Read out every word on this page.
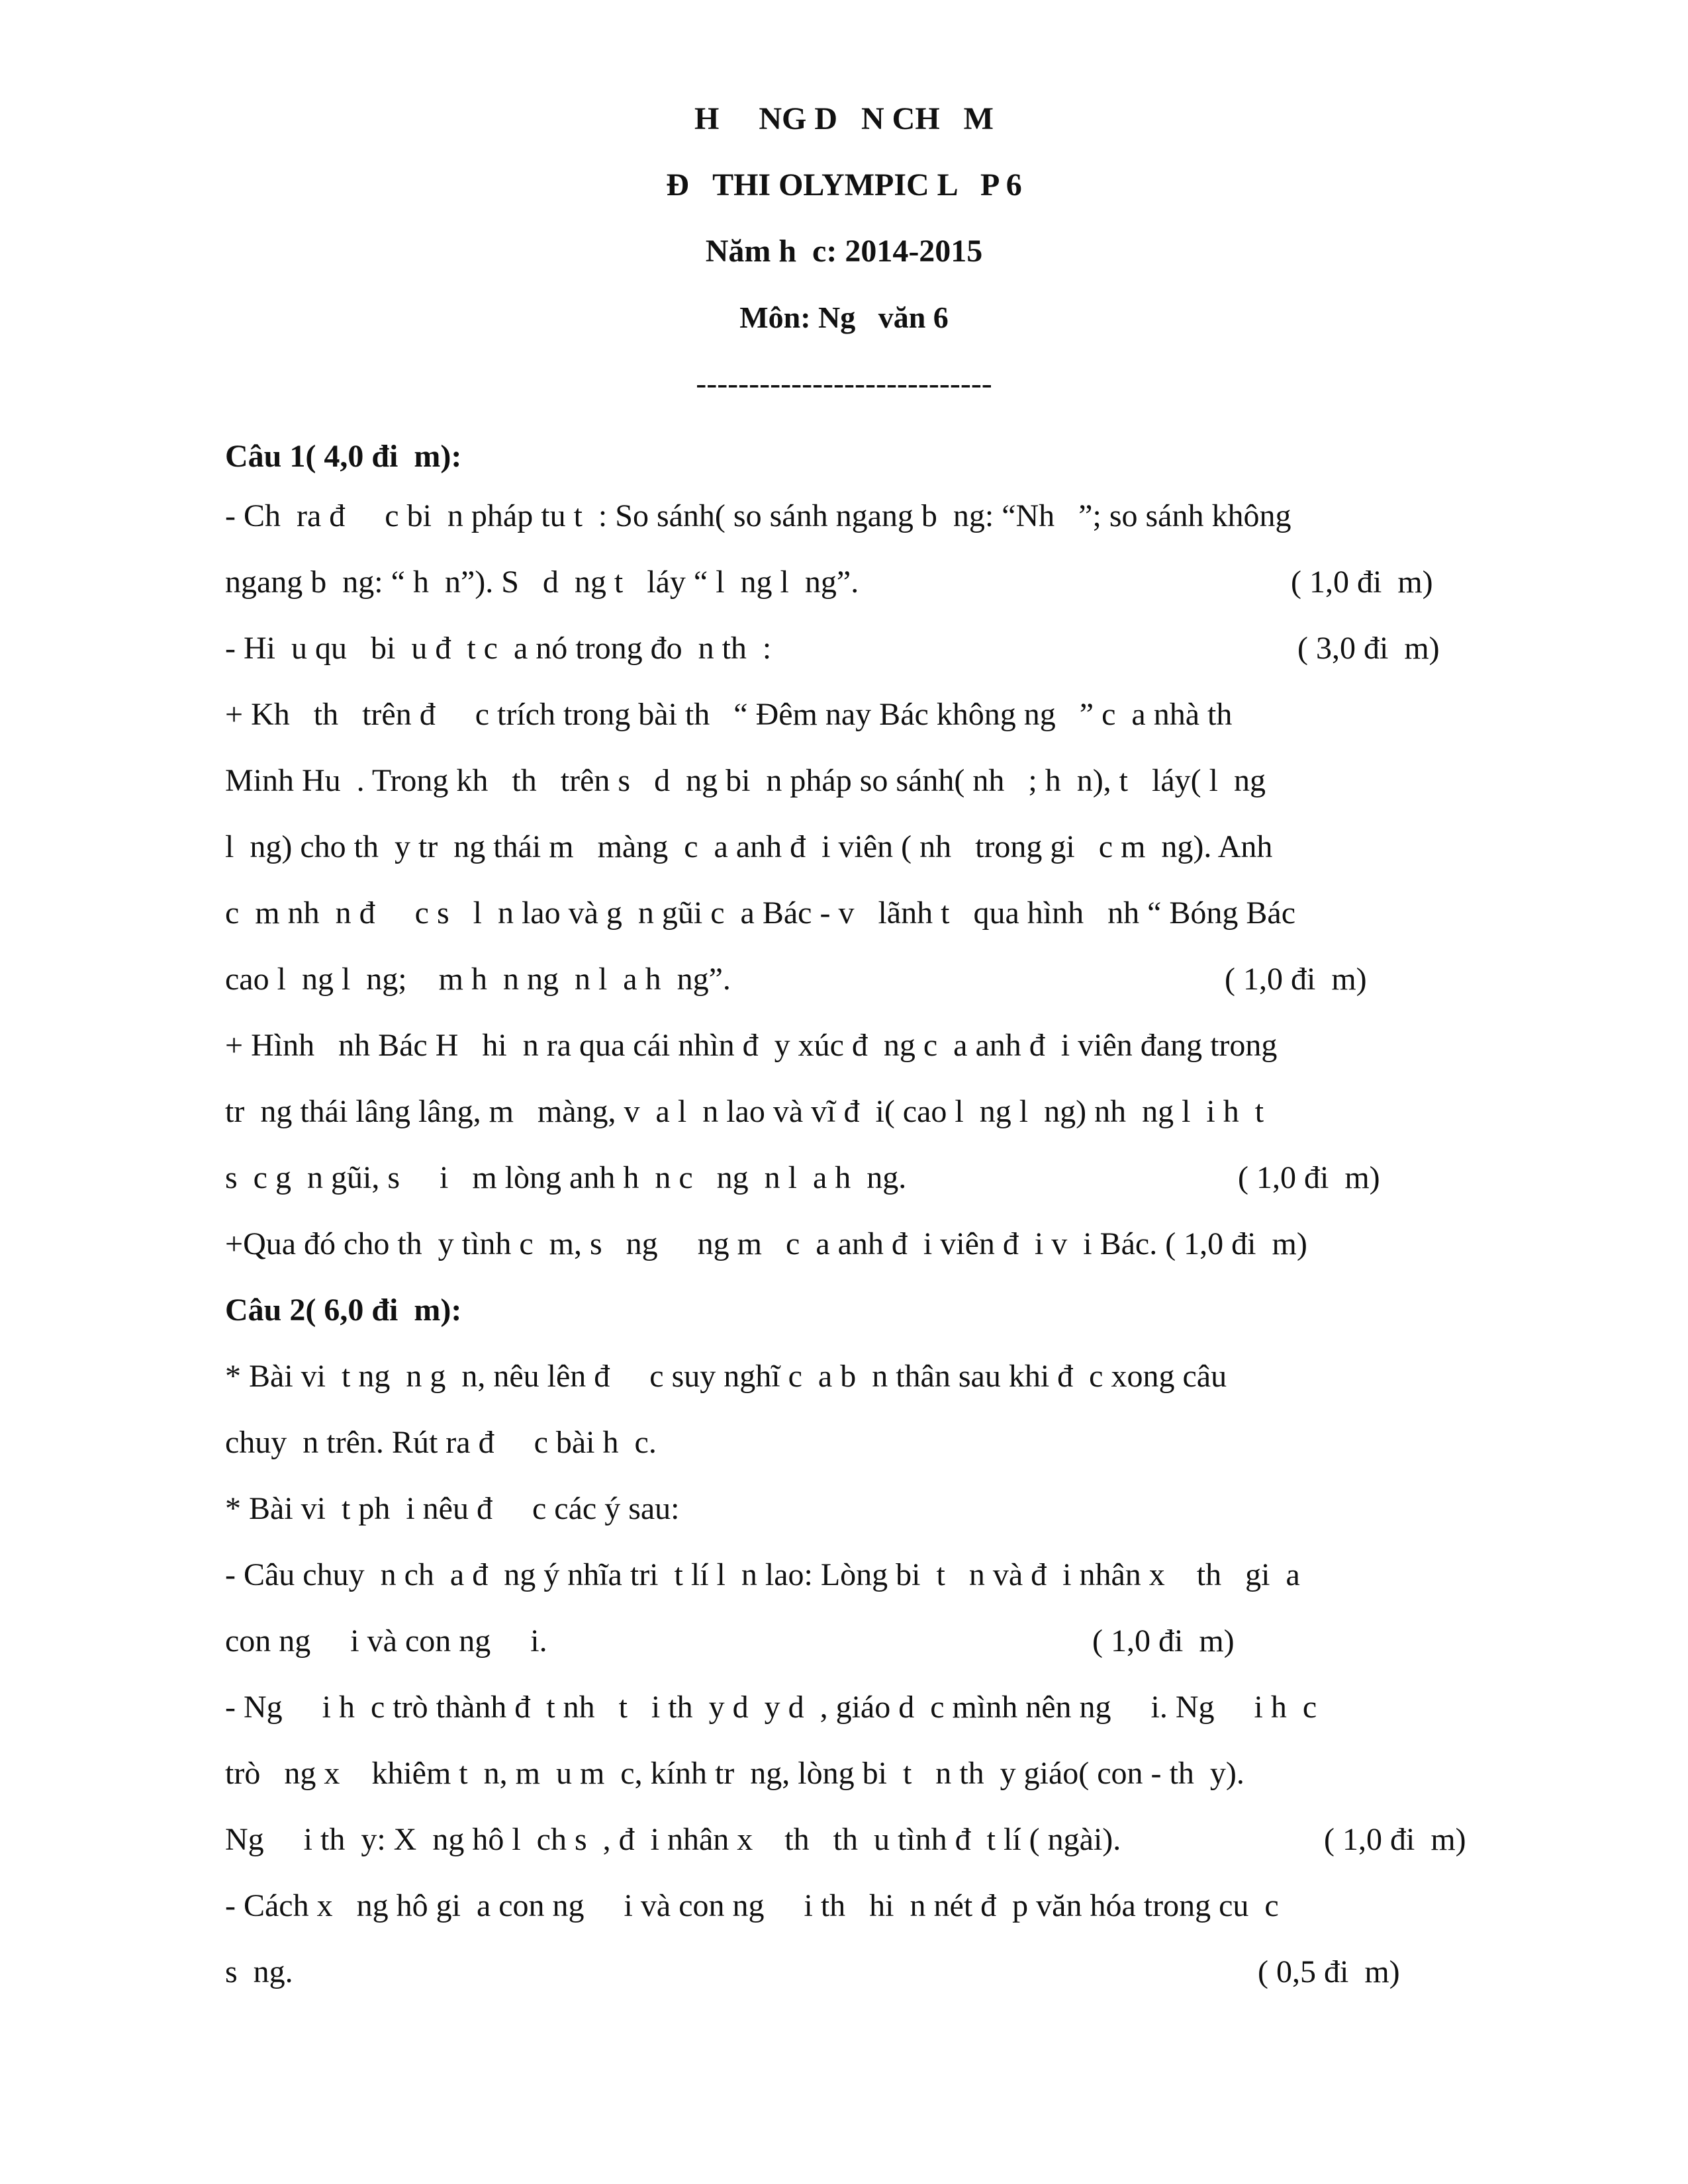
H     NG D   N CH   M
Đ   THI OLYMPIC L   P 6
Năm h  c: 2014-2015
Môn: Ng   văn 6
----------------------------
Câu 1( 4,0 đi  m):
- Ch  ra đ     c bi  n pháp tu t  : So sánh( so sánh ngang b  ng: “Nh   ”; so sánh không
ngang b  ng: “ h  n”). S   d  ng t   láy “ l  ng l  ng”.	( 1,0 đi  m)
- Hi  u qu   bi  u đ  t c  a nó trong đo  n th  :	( 3,0 đi  m)
+ Kh   th   trên đ     c trích trong bài th   “ Đêm nay Bác không ng   ” c  a nhà th
Minh Hu  . Trong kh   th   trên s   d  ng bi  n pháp so sánh( nh   ; h  n), t   láy( l  ng
l  ng) cho th  y tr  ng thái m   màng  c  a anh đ  i viên ( nh   trong gi   c m  ng). Anh
c  m nh  n đ     c s   l  n lao và g  n gũi c  a Bác - v   lãnh t   qua hình   nh “ Bóng Bác
cao l  ng l  ng;    m h  n ng  n l  a h  ng”.	( 1,0 đi  m)
+ Hình   nh Bác H   hi  n ra qua cái nhìn đ  y xúc đ  ng c  a anh đ  i viên đang trong
tr  ng thái lâng lâng, m   màng, v  a l  n lao và vĩ đ  i( cao l  ng l  ng) nh  ng l  i h  t
s  c g  n gũi, s     i   m lòng anh h  n c   ng  n l  a h  ng.	( 1,0 đi  m)
+Qua đó cho th  y tình c  m, s   ng     ng m   c  a anh đ  i viên đ  i v  i Bác. ( 1,0 đi  m)
Câu 2( 6,0 đi  m):
* Bài vi  t ng  n g  n, nêu lên đ     c suy nghĩ c  a b  n thân sau khi đ  c xong câu
chuy  n trên. Rút ra đ     c bài h  c.
* Bài vi  t ph  i nêu đ     c các ý sau:
- Câu chuy  n ch  a đ  ng ý nhĩa tri  t lí l  n lao: Lòng bi  t   n và đ  i nhân x    th   gi  a
con ng     i và con ng     i.	( 1,0 đi  m)
- Ng     i h  c trò thành đ  t nh   t   i th  y d  y d  , giáo d  c mình nên ng     i. Ng     i h  c
trò   ng x    khiêm t  n, m  u m  c, kính tr  ng, lòng bi  t   n th  y giáo( con - th  y).
Ng     i th  y: X  ng hô l  ch s  , đ  i nhân x    th   th  u tình đ  t lí ( ngài).	( 1,0 đi  m)
- Cách x   ng hô gi  a con ng     i và con ng     i th   hi  n nét đ  p văn hóa trong cu  c
s  ng.	( 0,5 đi  m)
